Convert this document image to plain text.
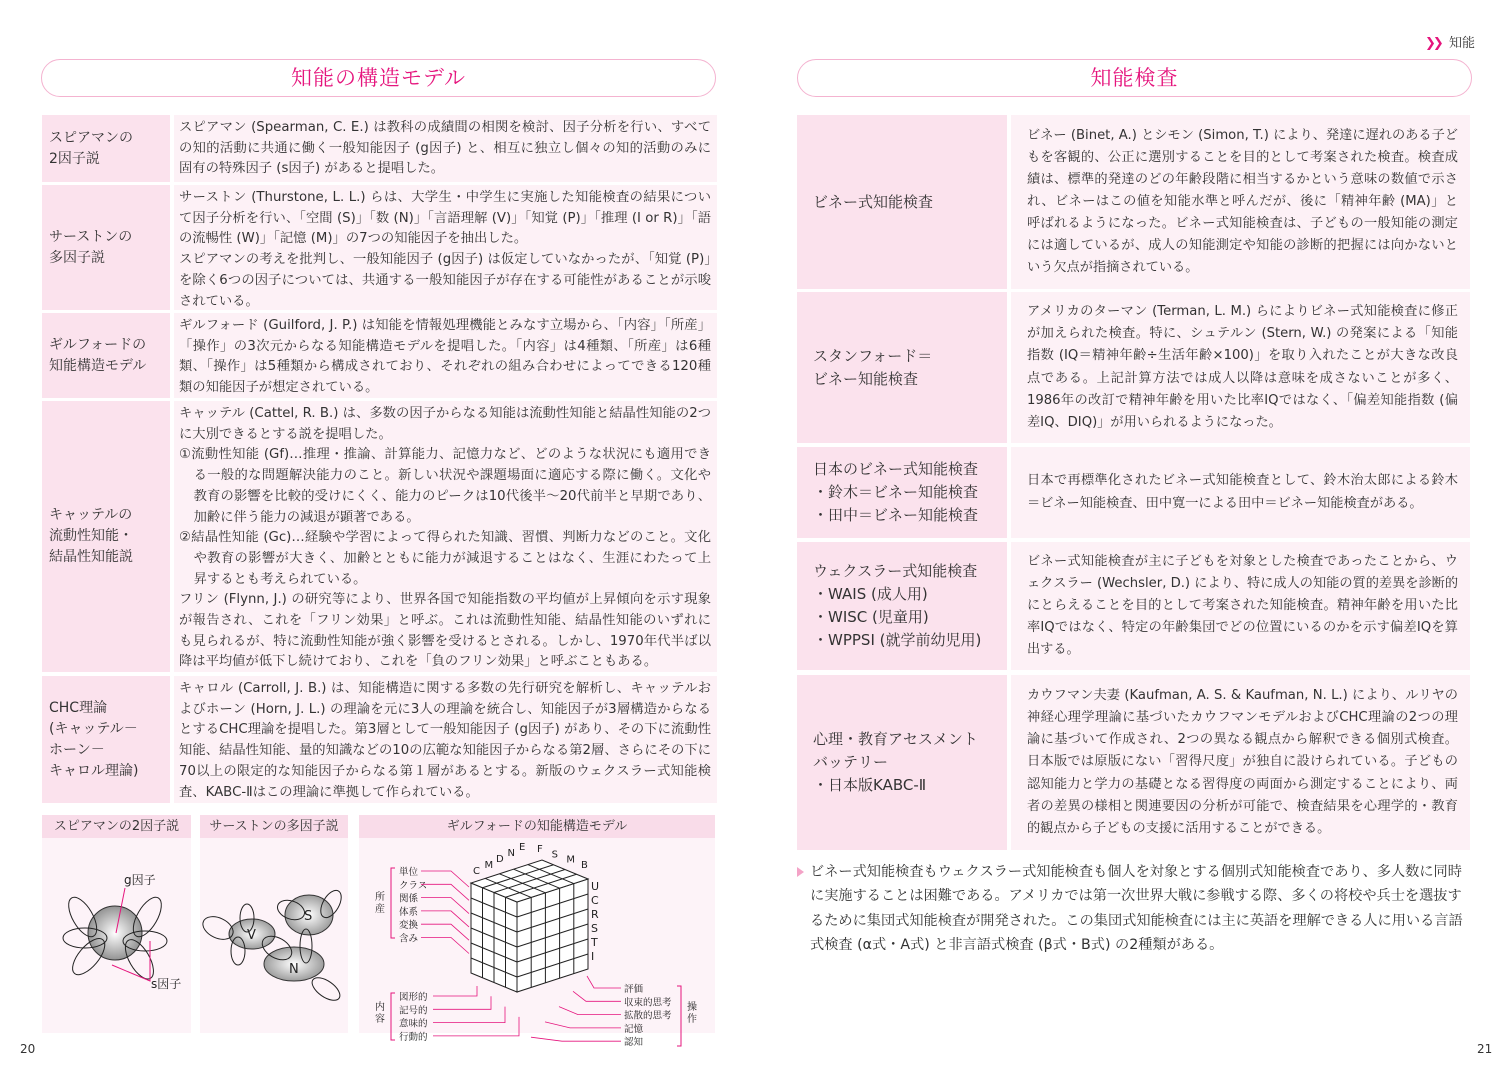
❯❯ 知能
知能の構造モデル	知能検査
スピアマンの
2因子説

スピアマン (Spearman, C. E.) は教科の成績間の相関を検討、因子分析を行い、すべての知的活動に共通に働く一般知能因子 (g因子) と、相互に独立し個々の知的活動のみに固有の特殊因子 (s因子) があると提唱した。

サーストンの
多因子説

サーストン (Thurstone, L. L.) らは、大学生・中学生に実施した知能検査の結果について因子分析を行い、「空間 (S)」「数 (N)」「言語理解 (V)」「知覚 (P)」「推理 (I or R)」「語の流暢性 (W)」「記憶 (M)」の7つの知能因子を抽出した。

スピアマンの考えを批判し、一般知能因子 (g因子) は仮定していなかったが、「知覚 (P)」を除く6つの因子については、共通する一般知能因子が存在する可能性があることが示唆されている。

ギルフォードの
知能構造モデル

ギルフォード (Guilford, J. P.) は知能を情報処理機能とみなす立場から、「内容」「所産」「操作」の3次元からなる知能構造モデルを提唱した。「内容」は4種類、「所産」は6種類、「操作」は5種類から構成されており、それぞれの組み合わせによってできる120種類の知能因子が想定されている。

キャッテルの
流動性知能・
結晶性知能説

キャッテル (Cattel, R. B.) は、多数の因子からなる知能は流動性知能と結晶性知能の2つに大別できるとする説を提唱した。

①流動性知能 (Gf)…推理・推論、計算能力、記憶力など、どのような状況にも適用できる一般的な問題解決能力のこと。新しい状況や課題場面に適応する際に働く。文化や教育の影響を比較的受けにくく、能力のピークは10代後半～20代前半と早期であり、加齢に伴う能力の減退が顕著である。

②結晶性知能 (Gc)…経験や学習によって得られた知識、習慣、判断力などのこと。文化や教育の影響が大きく、加齢とともに能力が減退することはなく、生涯にわたって上昇するとも考えられている。

フリン (Flynn, J.) の研究等により、世界各国で知能指数の平均値が上昇傾向を示す現象が報告され、これを「フリン効果」と呼ぶ。これは流動性知能、結晶性知能のいずれにも見られるが、特に流動性知能が強く影響を受けるとされる。しかし、1970年代半ば以降は平均値が低下し続けており、これを「負のフリン効果」と呼ぶこともある。

CHC理論
(キャッテル－
ホーン－
キャロル理論)

キャロル (Carroll, J. B.) は、知能構造に関する多数の先行研究を解析し、キャッテルおよびホーン (Horn, J. L.) の理論を元に3人の理論を統合し、知能因子が3層構造からなるとするCHC理論を提唱した。第3層として一般知能因子 (g因子) があり、その下に流動性知能、結晶性知能、量的知識などの10の広範な知能因子からなる第2層、さらにその下に70以上の限定的な知能因子からなる第１層があるとする。新版のウェクスラー式知能検査、KABC-Ⅱはこの理論に準拠して作られている。

ビネー式知能検査

ビネー (Binet, A.) とシモン (Simon, T.) により、発達に遅れのある子どもを客観的、公正に選別することを目的として考案された検査。検査成績は、標準的発達のどの年齢段階に相当するかという意味の数値で示され、ビネーはこの値を知能水準と呼んだが、後に「精神年齢 (MA)」と呼ばれるようになった。ビネー式知能検査は、子どもの一般知能の測定には適しているが、成人の知能測定や知能の診断的把握には向かないという欠点が指摘されている。

スタンフォード＝
ビネー知能検査

アメリカのターマン (Terman, L. M.) らによりビネー式知能検査に修正が加えられた検査。特に、シュテルン (Stern, W.) の発案による「知能指数 (IQ＝精神年齢÷生活年齢×100)」を取り入れたことが大きな改良点である。上記計算方法では成人以降は意味を成さないことが多く、1986年の改訂で精神年齢を用いた比率IQではなく、「偏差知能指数 (偏差IQ、DIQ)」が用いられるようになった。

日本のビネー式知能検査
・鈴木＝ビネー知能検査
・田中＝ビネー知能検査

日本で再標準化されたビネー式知能検査として、鈴木治太郎による鈴木＝ビネー知能検査、田中寛一による田中＝ビネー知能検査がある。

ウェクスラー式知能検査
・WAIS (成人用)
・WISC (児童用)
・WPPSI (就学前幼児用)

ビネー式知能検査が主に子どもを対象とした検査であったことから、ウェクスラー (Wechsler, D.) により、特に成人の知能の質的差異を診断的にとらえることを目的として考案された知能検査。精神年齢を用いた比率IQではなく、特定の年齢集団でどの位置にいるのかを示す偏差IQを算出する。

心理・教育アセスメント
バッテリー
・日本版KABC-Ⅱ

カウフマン夫妻 (Kaufman, A. S. & Kaufman, N. L.) により、ルリヤの神経心理学理論に基づいたカウフマンモデルおよびCHC理論の2つの理論に基づいて作成され、2つの異なる観点から解釈できる個別式検査。日本版では原版にない「習得尺度」が独自に設けられている。子どもの認知能力と学力の基礎となる習得度の両面から測定することにより、両者の差異の様相と関連要因の分析が可能で、検査結果を心理学的・教育的観点から子どもの支援に活用することができる。

スピアマンの2因子説
g因子
s因子
サーストンの多因子説
S
V
N
ギルフォードの知能構造モデル
C
M
D
N
E F S M B
U
C
R
S
T
I
単位
クラス
関係
体系
変換
含み
所
産
図形的
記号的
意味的
行動的
内
容
評価
収束的思考
拡散的思考
記憶
認知
操
作
ビネー式知能検査もウェクスラー式知能検査も個人を対象とする個別式知能検査であり、多人数に同時に実施することは困難である。アメリカでは第一次世界大戦に参戦する際、多くの将校や兵士を選抜するために集団式知能検査が開発された。この集団式知能検査には主に英語を理解できる人に用いる言語式検査 (α式・A式) と非言語式検査 (β式・B式) の2種類がある。
20	21
